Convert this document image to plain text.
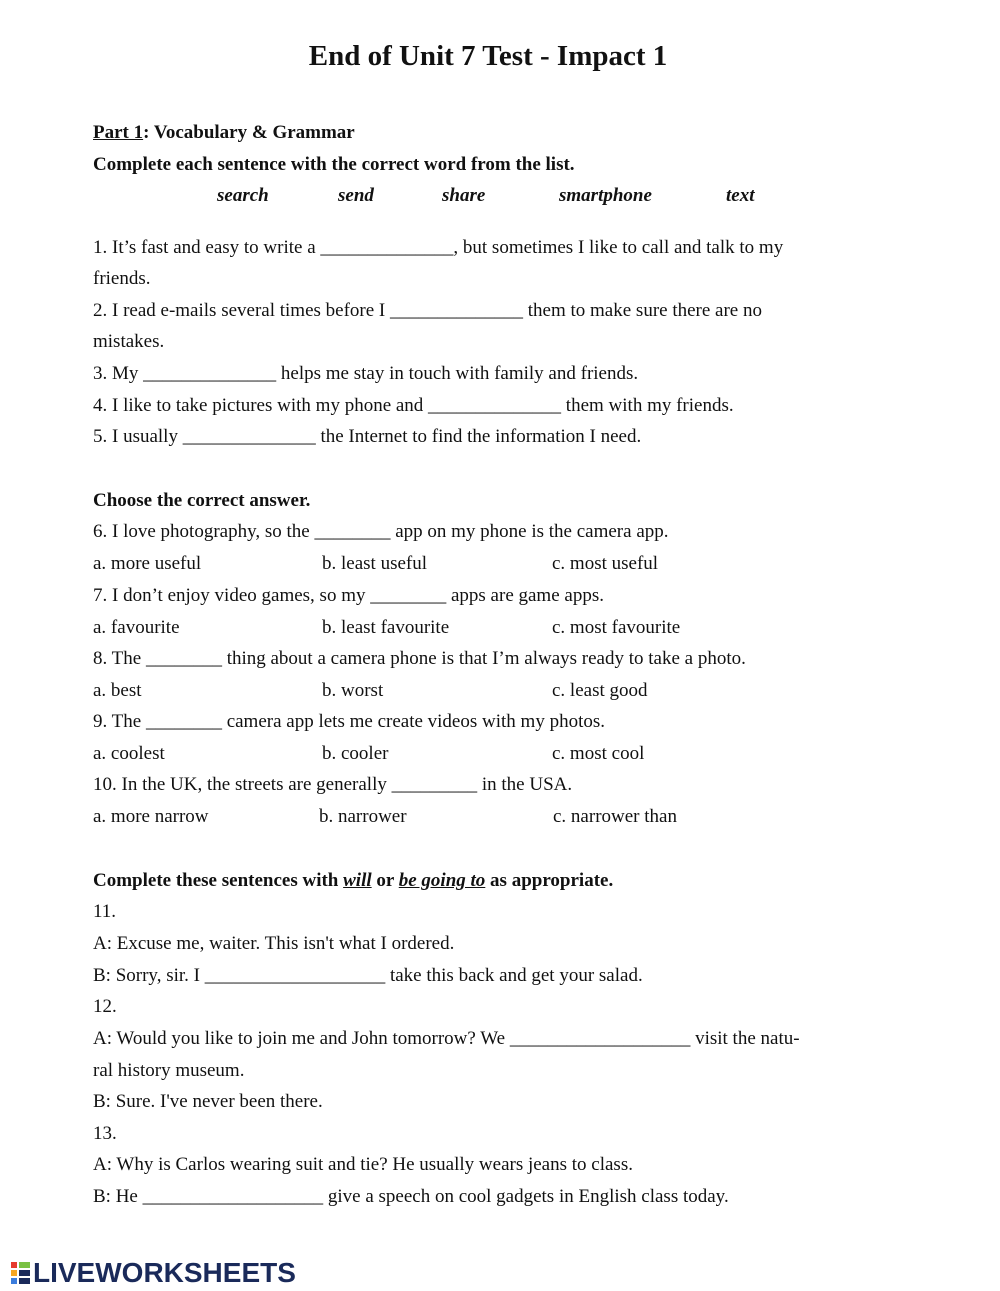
End of Unit 7 Test - Impact 1
Part 1: Vocabulary & Grammar
Complete each sentence with the correct word from the list.
search	send	share	smartphone	text
1. It’s fast and easy to write a ______________, but sometimes I like to call and talk to my
friends.
2. I read e-mails several times before I ______________ them to make sure there are no
mistakes.
3. My ______________ helps me stay in touch with family and friends.
4. I like to take pictures with my phone and ______________ them with my friends.
5. I usually ______________ the Internet to find the information I need.
Choose the correct answer.
6. I love photography, so the ________ app on my phone is the camera app.
a. more useful	b. least useful	c. most useful
7. I don’t enjoy video games, so my ________ apps are game apps.
a. favourite	b. least favourite	c. most favourite
8. The ________ thing about a camera phone is that I’m always ready to take a photo.
a. best	b. worst	c. least good
9. The ________ camera app lets me create videos with my photos.
a. coolest	b. cooler	c. most cool
10. In the UK, the streets are generally _________ in the USA.
a. more narrow	b. narrower	c. narrower than
Complete these sentences with will or be going to as appropriate.
11.
A: Excuse me, waiter. This isn't what I ordered.
B: Sorry, sir. I ___________________ take this back and get your salad.
12.
A: Would you like to join me and John tomorrow? We ___________________ visit the natu-
ral history museum.
B: Sure. I've never been there.
13.
A: Why is Carlos wearing suit and tie? He usually wears jeans to class.
B: He ___________________ give a speech on cool gadgets in English class today.
LIVEWORKSHEETS
